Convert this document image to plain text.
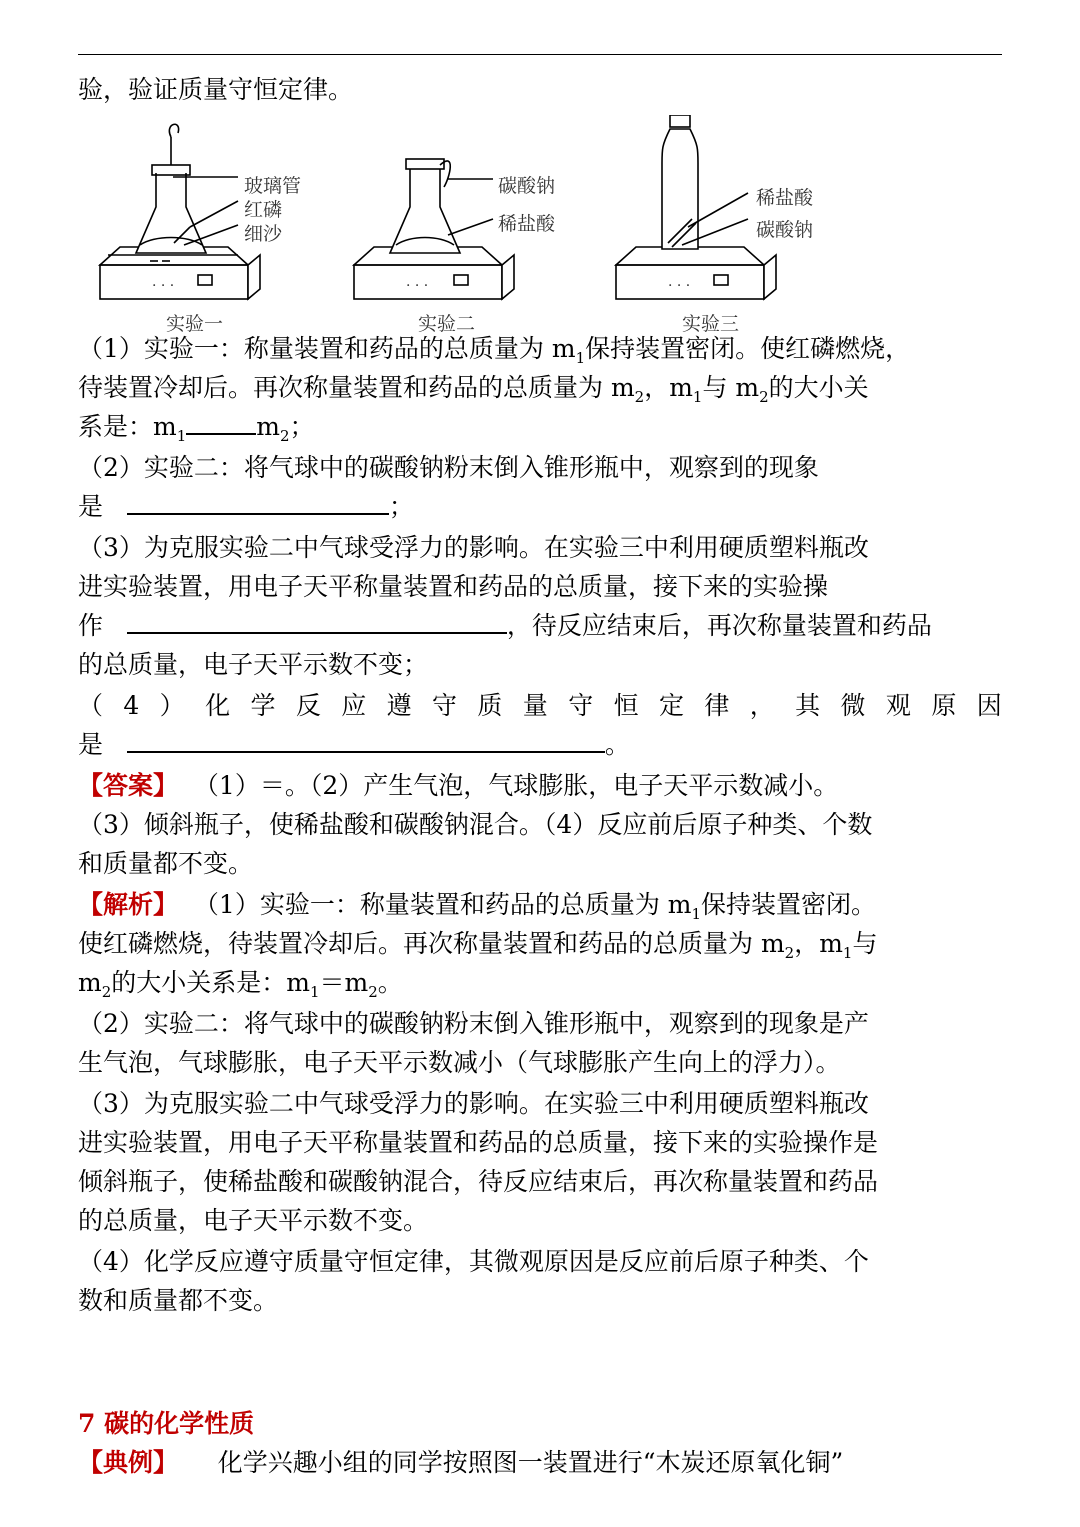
验，验证质量守恒定律。

· · ·	· · ·	· · ·
玻璃管
红磷
细沙
实验一
碳酸钠
稀盐酸
实验二
稀盐酸
碳酸钠
实验三

（1）实验一：称量装置和药品的总质量为 $m_1$保持装置密闭。使红磷燃烧，

待装置冷却后。再次称量装置和药品的总质量为 $m_2$，$m_1$与 $m_2$的大小关

系是：$m_1$	$m_2$；

（2）实验二：将气球中的碳酸钠粉末倒入锥形瓶中，观察到的现象

是	；

（3）为克服实验二中气球受浮力的影响。在实验三中利用硬质塑料瓶改

进实验装置，用电子天平称量装置和药品的总质量，接下来的实验操

作	，待反应结束后，再次称量装置和药品

的总质量，电子天平示数不变；

（ 4 ） 化 学 反 应 遵 守 质 量 守 恒 定 律 ， 其 微 观 原 因

是	。

【答案】 （1）＝。（2）产生气泡，气球膨胀，电子天平示数减小。

（3）倾斜瓶子，使稀盐酸和碳酸钠混合。（4）反应前后原子种类、个数

和质量都不变。

【解析】 （1）实验一：称量装置和药品的总质量为 $m_1$保持装置密闭。

使红磷燃烧，待装置冷却后。再次称量装置和药品的总质量为 $m_2$，$m_1$与

$m_2$的大小关系是：$m_1=m_2$。

（2）实验二：将气球中的碳酸钠粉末倒入锥形瓶中，观察到的现象是产

生气泡，气球膨胀，电子天平示数减小（气球膨胀产生向上的浮力）。

（3）为克服实验二中气球受浮力的影响。在实验三中利用硬质塑料瓶改

进实验装置，用电子天平称量装置和药品的总质量，接下来的实验操作是

倾斜瓶子，使稀盐酸和碳酸钠混合，待反应结束后，再次称量装置和药品

的总质量，电子天平示数不变。

（4）化学反应遵守质量守恒定律，其微观原因是反应前后原子种类、个

数和质量都不变。

7 碳的化学性质

【典例】 化学兴趣小组的同学按照图一装置进行“木炭还原氧化铜”
